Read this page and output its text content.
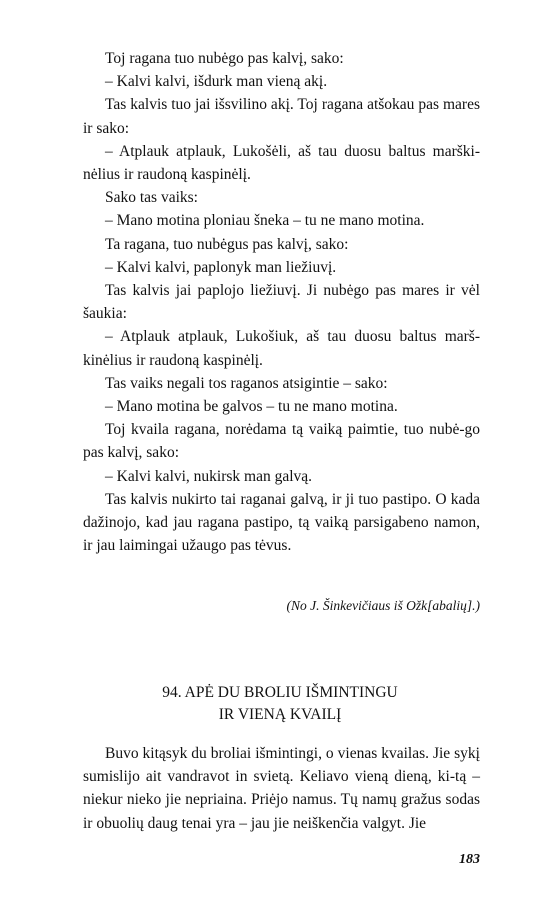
Toj ragana tuo nubėgo pas kalvį, sako:

– Kalvi kalvi, išdurk man vieną akį.

Tas kalvis tuo jai išsvilino akį. Toj ragana atšokau pas mares ir sako:

– Atplauk atplauk, Lukošėli, aš tau duosu baltus marški-nėlius ir raudoną kaspinėlį.

Sako tas vaiks:

– Mano motina ploniau šneka – tu ne mano motina.

Ta ragana, tuo nubėgus pas kalvį, sako:

– Kalvi kalvi, paplonyk man liežiuvį.

Tas kalvis jai paplojo liežiuvį. Ji nubėgo pas mares ir vėl šaukia:

– Atplauk atplauk, Lukošiuk, aš tau duosu baltus marš-kinėlius ir raudoną kaspinėlį.

Tas vaiks negali tos raganos atsigintie – sako:

– Mano motina be galvos – tu ne mano motina.

Toj kvaila ragana, norėdama tą vaiką paimtie, tuo nubė-go pas kalvį, sako:

– Kalvi kalvi, nukirsk man galvą.

Tas kalvis nukirto tai raganai galvą, ir ji tuo pastipo. O kada dažinojo, kad jau ragana pastipo, tą vaiką parsigabeno namon, ir jau laimingai užaugo pas tėvus.

(No J. Šinkevičiaus iš Ožk[abalių].)
94. APĖ DU BROLIU IŠMINTINGU
IR VIENĄ KVAILĮ

Buvo kitąsyk du broliai išmintingi, o vienas kvailas. Jie sykį sumislijo ait vandravot in svietą. Keliavo vieną dieną, ki-tą – niekur nieko jie nepriaina. Priėjo namus. Tų namų gražus sodas ir obuolių daug tenai yra – jau jie neiškenčia valgyt. Jie

183
